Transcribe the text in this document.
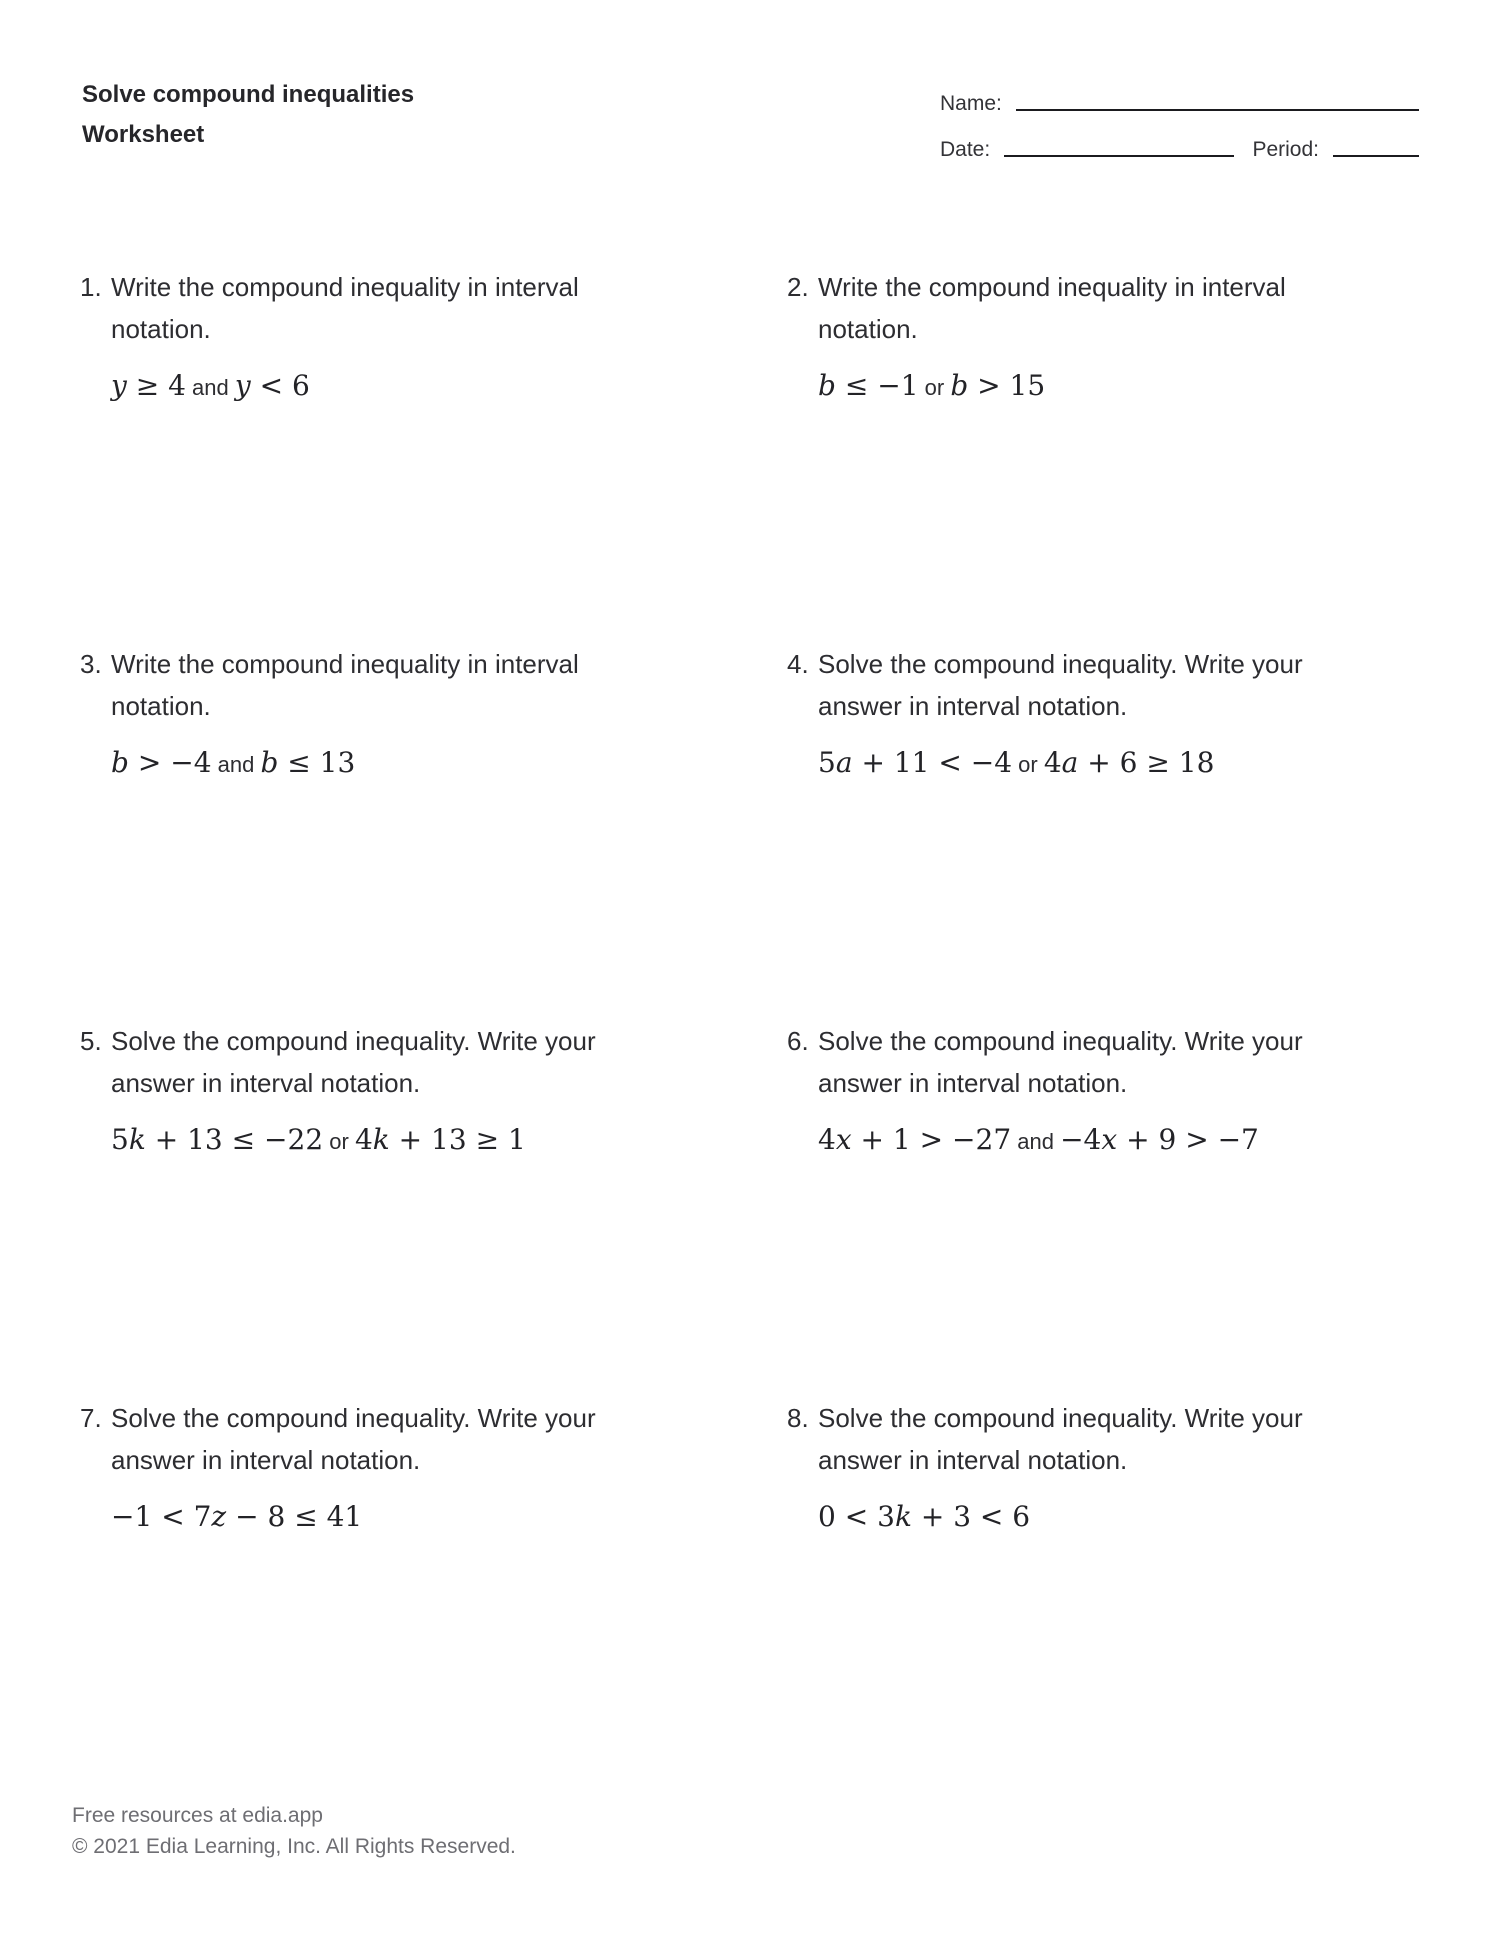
Solve compound inequalities
Worksheet
Name:
Date:	Period:
1. Write the compound inequality in interval notation.
y ≥ 4 and y < 6
2. Write the compound inequality in interval notation.
b ≤ −1 or b > 15
3. Write the compound inequality in interval notation.
b > −4 and b ≤ 13
4. Solve the compound inequality. Write your answer in interval notation.
5a + 11 < −4 or 4a + 6 ≥ 18
5. Solve the compound inequality. Write your answer in interval notation.
5k + 13 ≤ −22 or 4k + 13 ≥ 1
6. Solve the compound inequality. Write your answer in interval notation.
4x + 1 > −27 and −4x + 9 > −7
7. Solve the compound inequality. Write your answer in interval notation.
−1 < 7z − 8 ≤ 41
8. Solve the compound inequality. Write your answer in interval notation.
0 < 3k + 3 < 6
Free resources at edia.app
© 2021 Edia Learning, Inc. All Rights Reserved.
